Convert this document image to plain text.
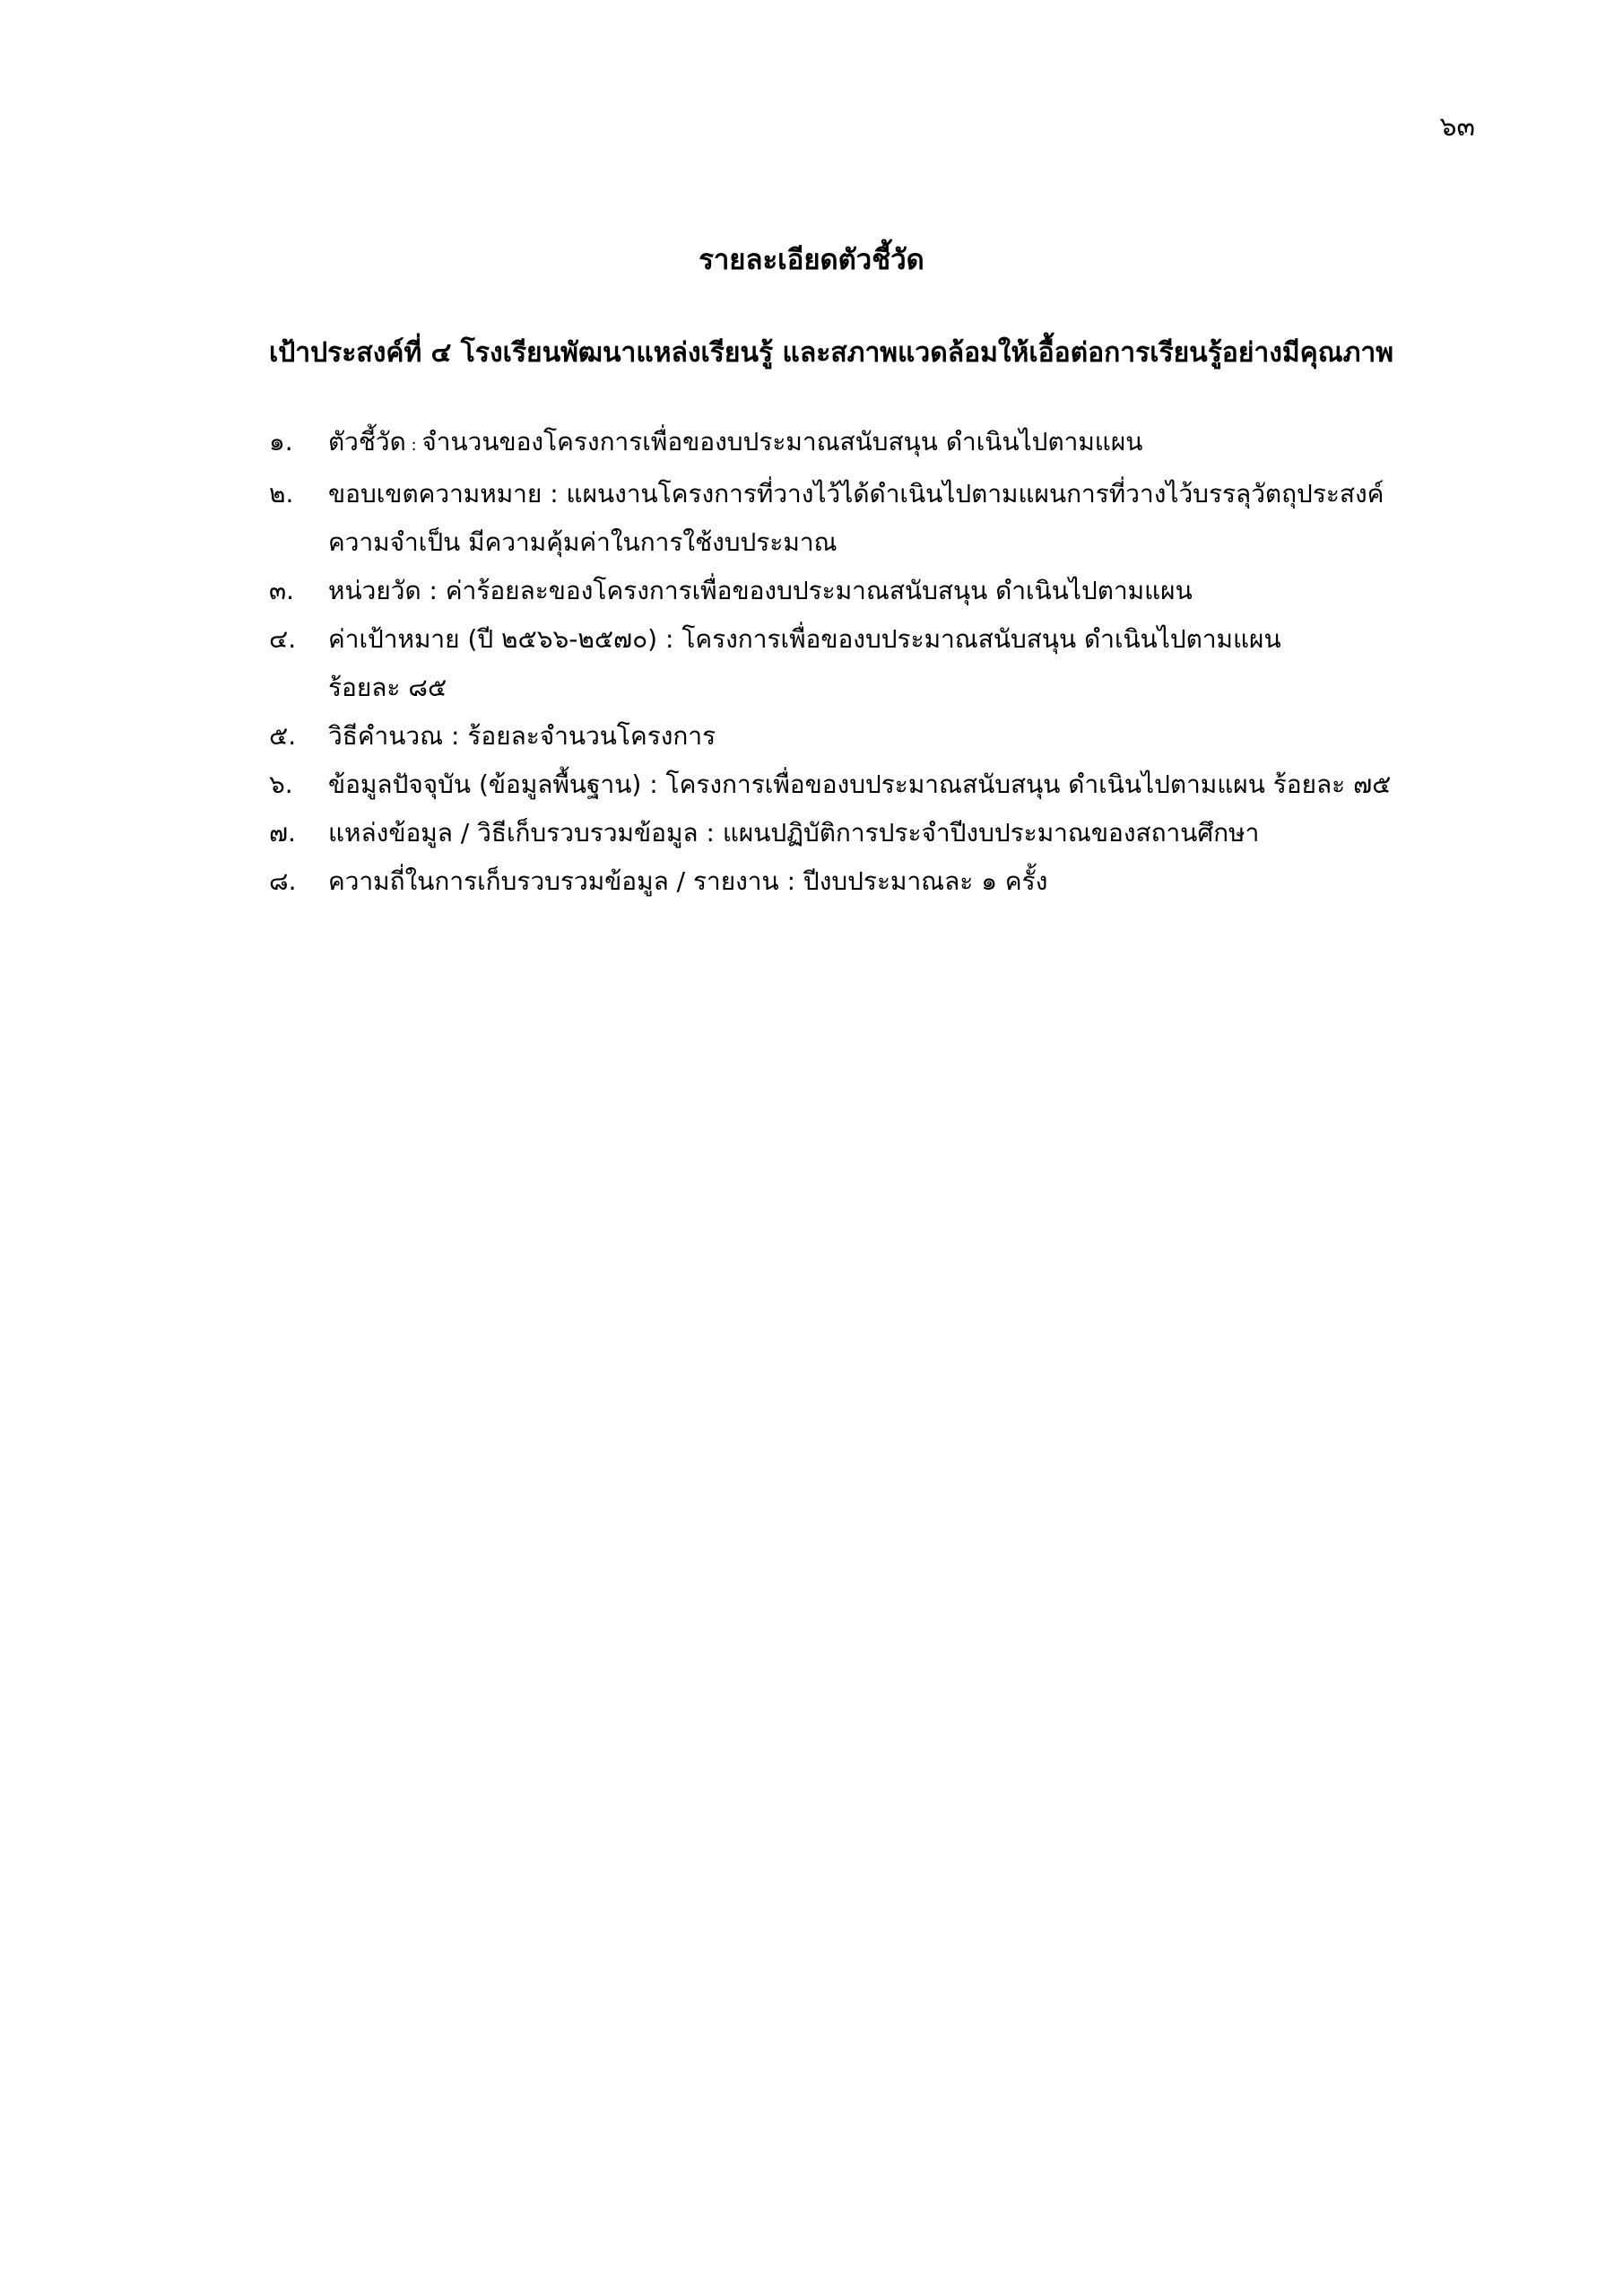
๖๓
รายละเอียดตัวชี้วัด
เป้าประสงค์ที่ ๔ โรงเรียนพัฒนาแหล่งเรียนรู้ และสภาพแวดล้อมให้เอื้อต่อการเรียนรู้อย่างมีคุณภาพ
๑.	ตัวชี้วัด : จำนวนของโครงการเพื่อของบประมาณสนับสนุน ดำเนินไปตามแผน
๒.	ขอบเขตความหมาย : แผนงานโครงการที่วางไว้ได้ดำเนินไปตามแผนการที่วางไว้บรรลุวัตถุประสงค์
ความจำเป็น มีความคุ้มค่าในการใช้งบประมาณ
๓.	หน่วยวัด : ค่าร้อยละของโครงการเพื่อของบประมาณสนับสนุน ดำเนินไปตามแผน
๔.	ค่าเป้าหมาย (ปี ๒๕๖๖-๒๕๗๐) : โครงการเพื่อของบประมาณสนับสนุน ดำเนินไปตามแผน
ร้อยละ ๘๕
๕.	วิธีคำนวณ : ร้อยละจำนวนโครงการ
๖.	ข้อมูลปัจจุบัน (ข้อมูลพื้นฐาน) : โครงการเพื่อของบประมาณสนับสนุน ดำเนินไปตามแผน ร้อยละ ๗๕
๗.	แหล่งข้อมูล / วิธีเก็บรวบรวมข้อมูล : แผนปฏิบัติการประจำปีงบประมาณของสถานศึกษา
๘.	ความถี่ในการเก็บรวบรวมข้อมูล / รายงาน : ปีงบประมาณละ ๑ ครั้ง
